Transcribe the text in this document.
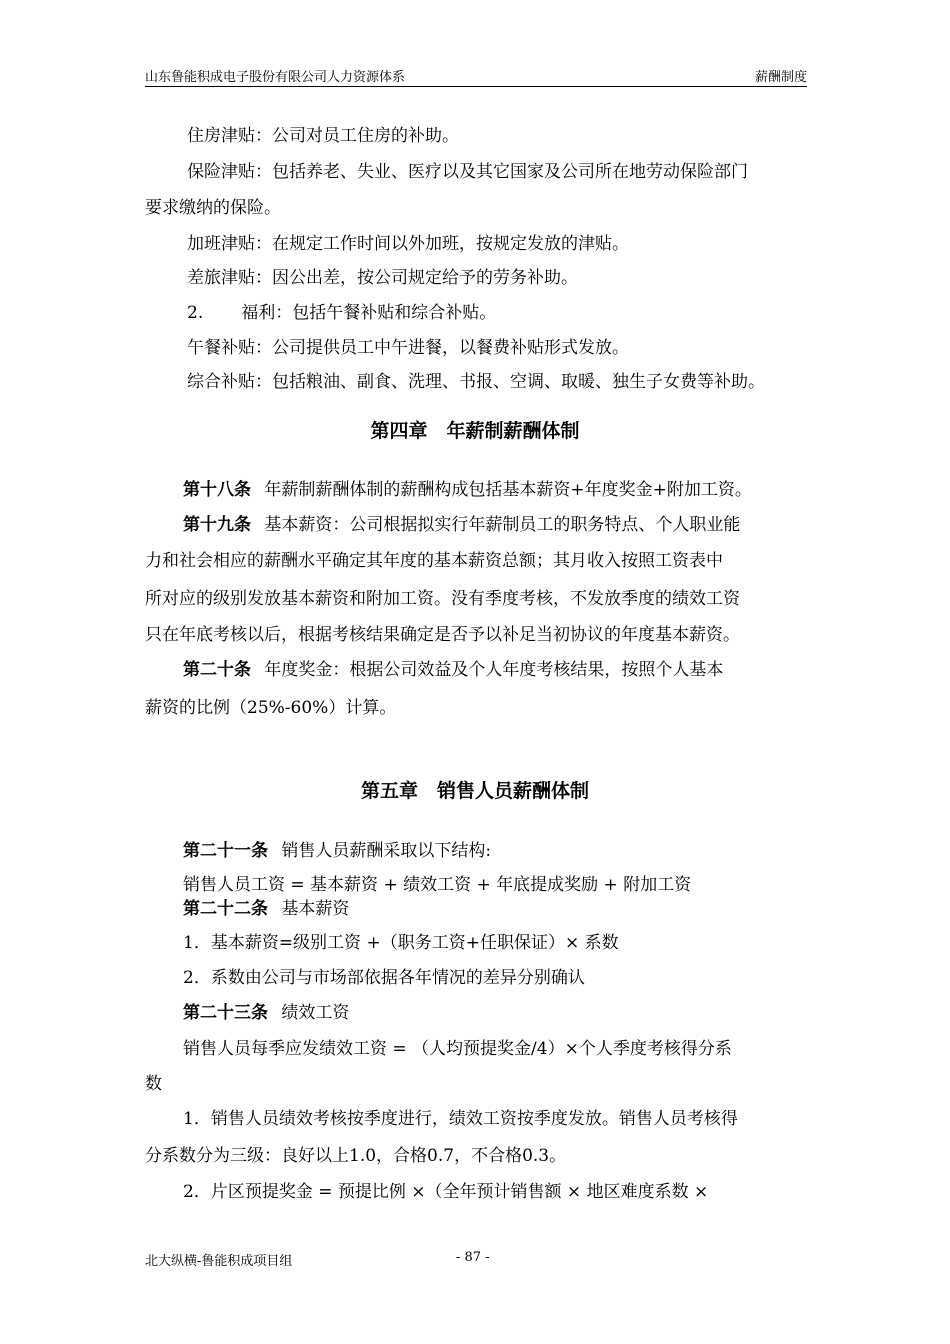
山东鲁能积成电子股份有限公司人力资源体系	薪酬制度
住房津贴：公司对员工住房的补助。
保险津贴：包括养老、失业、医疗以及其它国家及公司所在地劳动保险部门
要求缴纳的保险。
加班津贴：在规定工作时间以外加班，按规定发放的津贴。
差旅津贴：因公出差，按公司规定给予的劳务补助。
2. 福利：包括午餐补贴和综合补贴。
午餐补贴：公司提供员工中午进餐，以餐费补贴形式发放。
综合补贴：包括粮油、副食、洗理、书报、空调、取暖、独生子女费等补助。
第四章　年薪制薪酬体制
第十八条 年薪制薪酬体制的薪酬构成包括基本薪资+年度奖金+附加工资。
第十九条 基本薪资：公司根据拟实行年薪制员工的职务特点、个人职业能
力和社会相应的薪酬水平确定其年度的基本薪资总额；其月收入按照工资表中
所对应的级别发放基本薪资和附加工资。没有季度考核，不发放季度的绩效工资
只在年底考核以后，根据考核结果确定是否予以补足当初协议的年度基本薪资。
第二十条 年度奖金：根据公司效益及个人年度考核结果，按照个人基本
薪资的比例（25%-60%）计算。
第五章　销售人员薪酬体制
第二十一条 销售人员薪酬采取以下结构:
销售人员工资 = 基本薪资 + 绩效工资 + 年底提成奖励 + 附加工资
第二十二条 基本薪资
1．基本薪资=级别工资 +（职务工资+任职保证）× 系数
2．系数由公司与市场部依据各年情况的差异分别确认
第二十三条 绩效工资
销售人员每季应发绩效工资 = （人均预提奖金/4）×个人季度考核得分系
数
1．销售人员绩效考核按季度进行，绩效工资按季度发放。销售人员考核得
分系数分为三级：良好以上1.0，合格0.7，不合格0.3。
2．片区预提奖金 = 预提比例 ×（全年预计销售额 × 地区难度系数 ×
北大纵横-鲁能积成项目组	- 87 -
